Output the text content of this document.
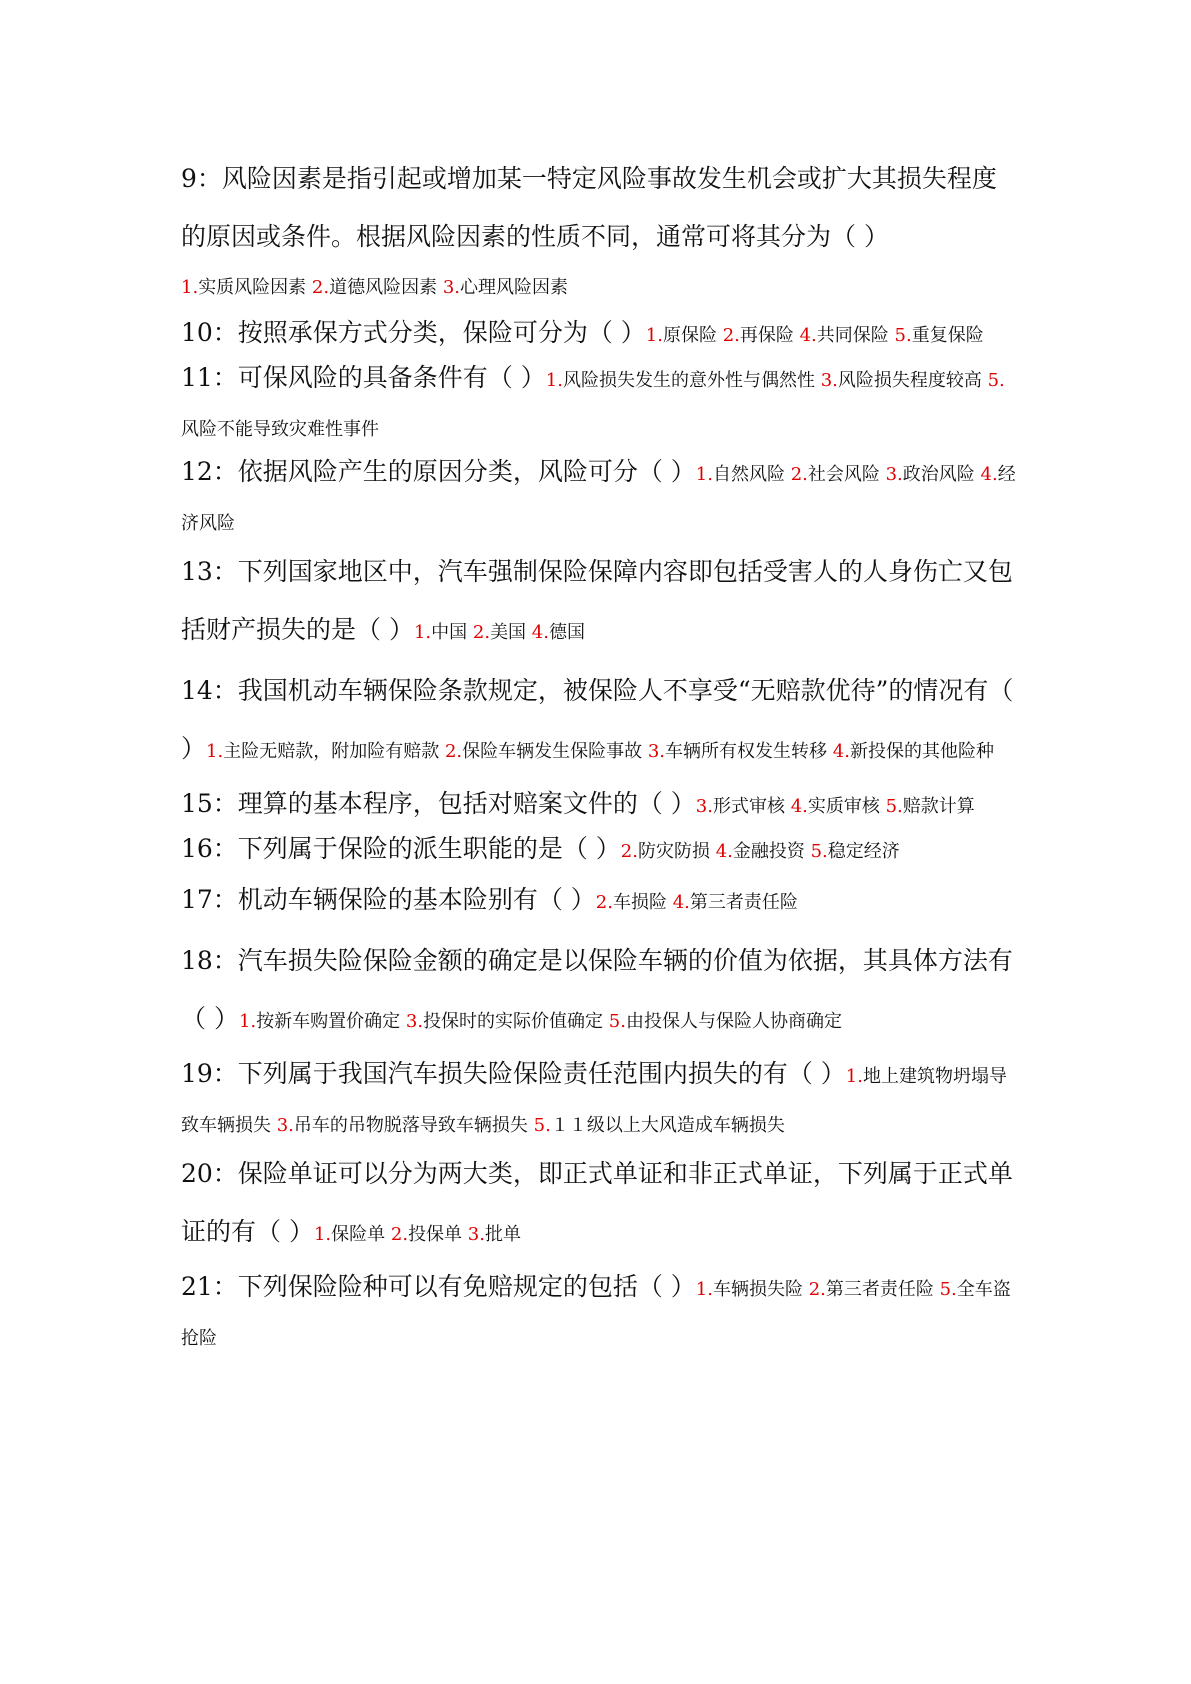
9：风险因素是指引起或增加某一特定风险事故发生机会或扩大其损失程度的原因或条件。根据风险因素的性质不同，通常可将其分为（ ）

1.实质风险因素 2.道德风险因素 3.心理风险因素

10：按照承保方式分类，保险可分为（ ）1.原保险 2.再保险 4.共同保险 5.重复保险

11：可保风险的具备条件有（ ）1.风险损失发生的意外性与偶然性 3.风险损失程度较高 5.风险不能导致灾难性事件

12：依据风险产生的原因分类，风险可分（ ）1.自然风险 2.社会风险 3.政治风险 4.经济风险

13：下列国家地区中，汽车强制保险保障内容即包括受害人的人身伤亡又包括财产损失的是（ ）1.中国 2.美国 4.德国

14：我国机动车辆保险条款规定，被保险人不享受“无赔款优待”的情况有（ ）1.主险无赔款，附加险有赔款 2.保险车辆发生保险事故 3.车辆所有权发生转移 4.新投保的其他险种

15：理算的基本程序，包括对赔案文件的（ ）3.形式审核 4.实质审核 5.赔款计算

16：下列属于保险的派生职能的是（ ）2.防灾防损 4.金融投资 5.稳定经济

17：机动车辆保险的基本险别有（ ）2.车损险 4.第三者责任险

18：汽车损失险保险金额的确定是以保险车辆的价值为依据，其具体方法有（ ）1.按新车购置价确定 3.投保时的实际价值确定 5.由投保人与保险人协商确定

19：下列属于我国汽车损失险保险责任范围内损失的有（ ）1.地上建筑物坍塌导致车辆损失 3.吊车的吊物脱落导致车辆损失 5.１１级以上大风造成车辆损失

20：保险单证可以分为两大类，即正式单证和非正式单证，下列属于正式单证的有（ ）1.保险单 2.投保单 3.批单

21：下列保险险种可以有免赔规定的包括（ ）1.车辆损失险 2.第三者责任险 5.全车盗抢险
